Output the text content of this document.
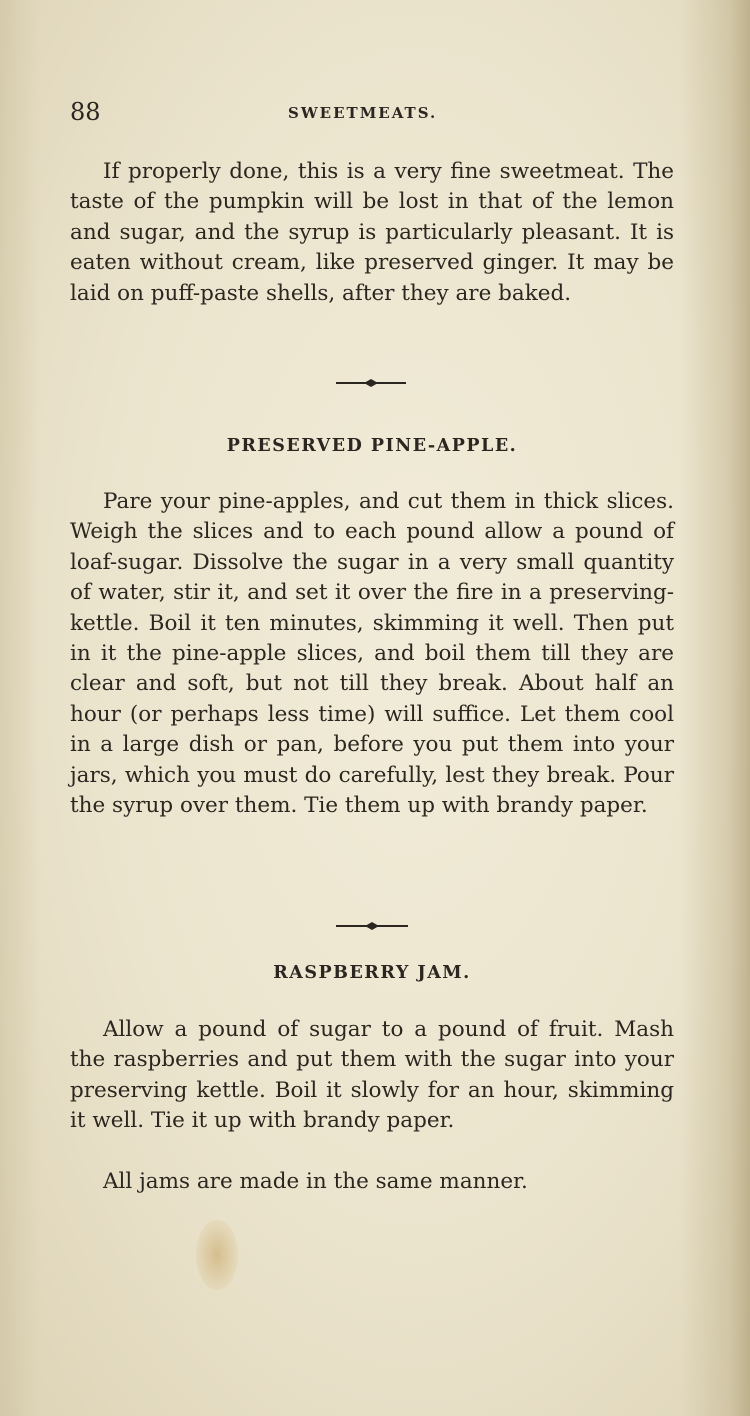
88	SWEETMEATS.

If properly done, this is a very fine sweetmeat. The taste of the pumpkin will be lost in that of the lemon and sugar, and the syrup is particularly pleasant. It is eaten without cream, like preserved ginger. It may be laid on puff-paste shells, after they are baked.

PRESERVED PINE-APPLE.

Pare your pine-apples, and cut them in thick slices. Weigh the slices and to each pound allow a pound of loaf-sugar. Dissolve the sugar in a very small quantity of water, stir it, and set it over the fire in a preserving-kettle. Boil it ten minutes, skimming it well. Then put in it the pine-apple slices, and boil them till they are clear and soft, but not till they break. About half an hour (or perhaps less time) will suffice. Let them cool in a large dish or pan, before you put them into your jars, which you must do carefully, lest they break. Pour the syrup over them. Tie them up with brandy paper.

RASPBERRY JAM.

Allow a pound of sugar to a pound of fruit. Mash the raspberries and put them with the sugar into your preserving kettle. Boil it slowly for an hour, skimming it well. Tie it up with brandy paper.

All jams are made in the same manner.
